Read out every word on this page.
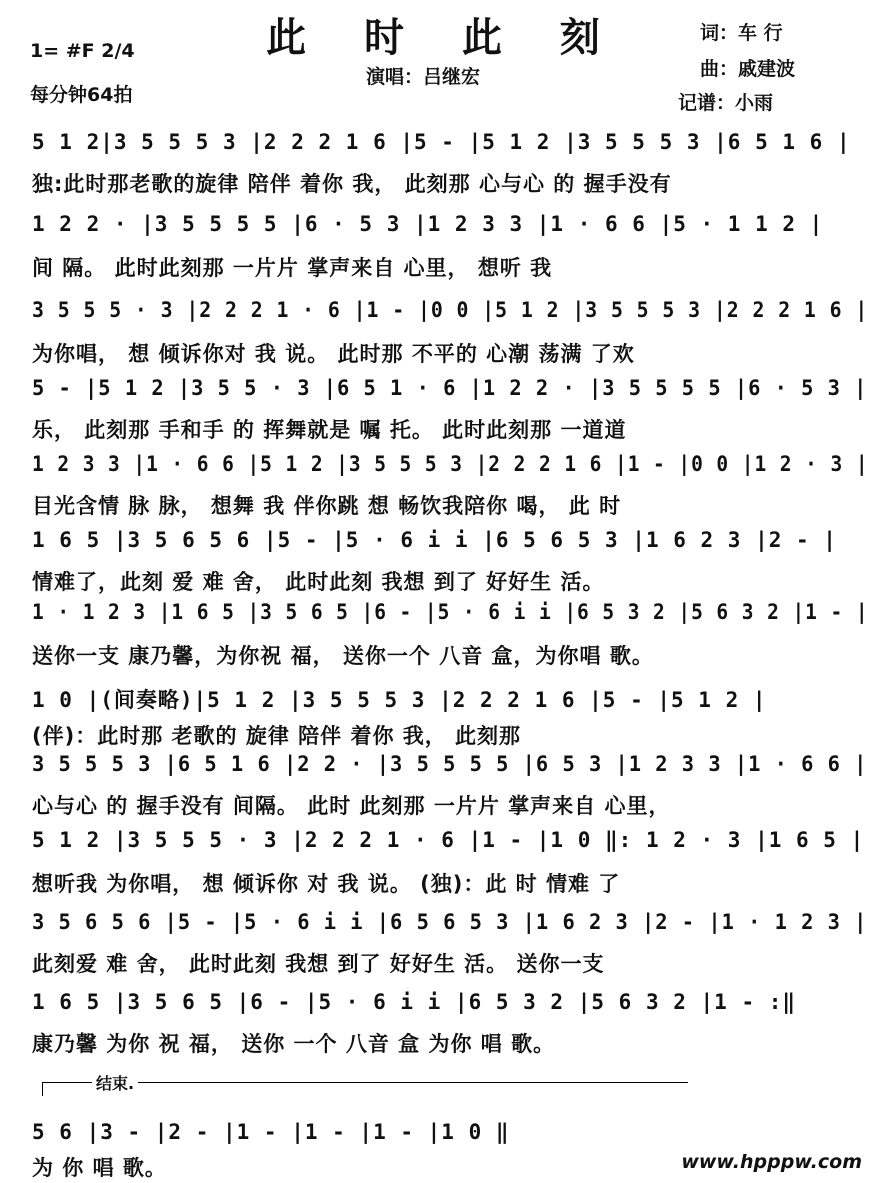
此 时 此 刻
1= #F 2/4
每分钟64拍
演唱：吕继宏
词：车 行
曲：戚建波
记谱：小雨
5 1 2|3 5 5 5 3 |2 2 2 1 6 |5 - |5 1 2 |3 5 5 5 3 |6 5 1 6 |
独:此时那老歌的旋律 陪伴 着你 我， 此刻那 心与心 的 握手没有
1 2 2 · |3 5 5 5 5 |6 · 5 3 |1 2 3 3 |1 · 6 6 |5 · 1 1 2 |
间 隔。 此时此刻那 一片片 掌声来自 心里， 想听 我
3 5 5 5 · 3 |2 2 2 1 · 6 |1 - |0 0 |5 1 2 |3 5 5 5 3 |2 2 2 1 6 |
为你唱， 想 倾诉你对 我 说。 此时那 不平的 心潮 荡满 了欢
5 - |5 1 2 |3 5 5 · 3 |6 5 1 · 6 |1 2 2 · |3 5 5 5 5 |6 · 5 3 |
乐， 此刻那 手和手 的 挥舞就是 嘱 托。 此时此刻那 一道道
1 2 3 3 |1 · 6 6 |5 1 2 |3 5 5 5 3 |2 2 2 1 6 |1 - |0 0 |1 2 · 3 |
目光含情 脉 脉， 想舞 我 伴你跳 想 畅饮我陪你 喝， 此 时
1 6 5 |3 5 6 5 6 |5 - |5 · 6 i i |6 5 6 5 3 |1 6 2 3 |2 - |
情难了，此刻 爱 难 舍， 此时此刻 我想 到了 好好生 活。
1 · 1 2 3 |1 6 5 |3 5 6 5 |6 - |5 · 6 i i |6 5 3 2 |5 6 3 2 |1 - |
送你一支 康乃馨，为你祝 福， 送你一个 八音 盒，为你唱 歌。
1 0 |(间奏略)|5 1 2 |3 5 5 5 3 |2 2 2 1 6 |5 - |5 1 2 |
(伴)：此时那 老歌的 旋律 陪伴 着你 我， 此刻那
3 5 5 5 3 |6 5 1 6 |2 2 · |3 5 5 5 5 |6 5 3 |1 2 3 3 |1 · 6 6 |
心与心 的 握手没有 间隔。 此时 此刻那 一片片 掌声来自 心里，
5 1 2 |3 5 5 5 · 3 |2 2 2 1 · 6 |1 - |1 0 ‖: 1 2 · 3 |1 6 5 |
想听我 为你唱， 想 倾诉你 对 我 说。 (独)：此 时 情难 了
3 5 6 5 6 |5 - |5 · 6 i i |6 5 6 5 3 |1 6 2 3 |2 - |1 · 1 2 3 |
此刻爱 难 舍， 此时此刻 我想 到了 好好生 活。 送你一支
1 6 5 |3 5 6 5 |6 - |5 · 6 i i |6 5 3 2 |5 6 3 2 |1 - :‖
康乃馨 为你 祝 福， 送你 一个 八音 盒 为你 唱 歌。
结束.
5 6 |3 - |2 - |1 - |1 - |1 - |1 0 ‖
为 你 唱 歌。	www.hpppw.com
